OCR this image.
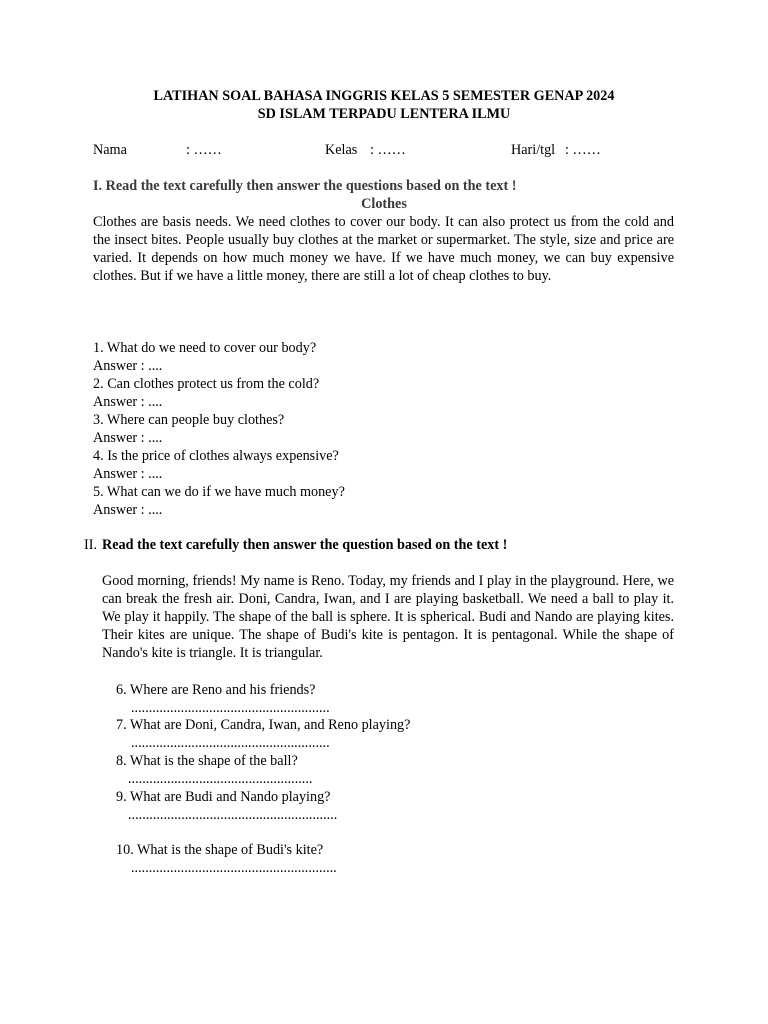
LATIHAN SOAL BAHASA INGGRIS KELAS 5 SEMESTER GENAP 2024
SD ISLAM TERPADU LENTERA ILMU
Nama	: ……	Kelas : ……	Hari/tgl : ……
I. Read the text carefully then answer the questions based on the text !
Clothes
Clothes are basis needs. We need clothes to cover our body. It can also protect us from the cold and the insect bites. People usually buy clothes at the market or supermarket. The style, size and price are varied. It depends on how much money we have. If we have much money, we can buy expensive clothes. But if we have a little money, there are still a lot of cheap clothes to buy.
1. What do we need to cover our body?
Answer : ....
2. Can clothes protect us from the cold?
Answer : ....
3. Where can people buy clothes?
Answer : ....
4. Is the price of clothes always expensive?
Answer : ....
5. What can we do if we have much money?
Answer : ....
II. Read the text carefully then answer the question based on the text !
Good morning, friends! My name is Reno. Today, my friends and I play in the playground. Here, we can break the fresh air. Doni, Candra, Iwan, and I are playing basketball. We need a ball to play it. We play it happily. The shape of the ball is sphere. It is spherical. Budi and Nando are playing kites. Their kites are unique. The shape of Budi's kite is pentagon. It is pentagonal. While the shape of Nando's kite is triangle. It is triangular.
6. Where are Reno and his friends?
........................................................
7. What are Doni, Candra, Iwan, and Reno playing?
........................................................
8. What is the shape of the ball?
....................................................
9. What are Budi and Nando playing?
...........................................................
10. What is the shape of Budi's kite?
..........................................................
